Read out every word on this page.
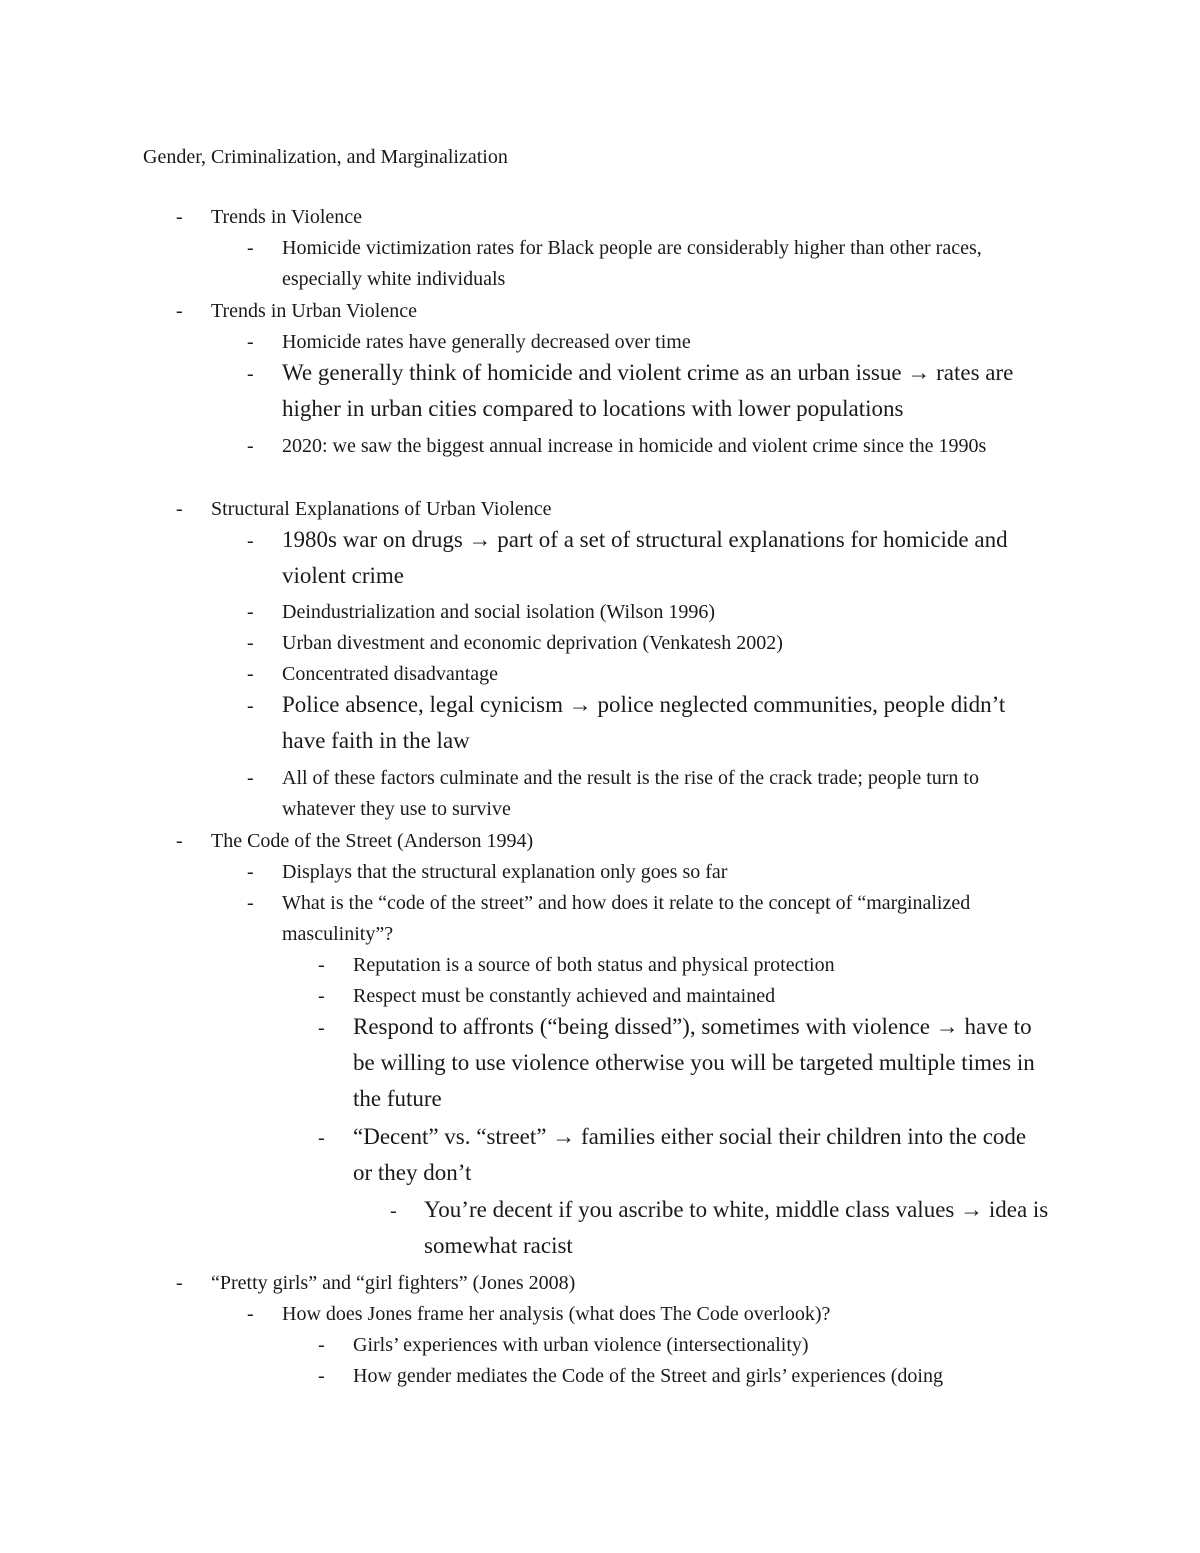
Gender, Criminalization, and Marginalization
- Trends in Violence
- Homicide victimization rates for Black people are considerably higher than other races, especially white individuals
- Trends in Urban Violence
- Homicide rates have generally decreased over time
- We generally think of homicide and violent crime as an urban issue → rates are higher in urban cities compared to locations with lower populations
- 2020: we saw the biggest annual increase in homicide and violent crime since the 1990s
- Structural Explanations of Urban Violence
- 1980s war on drugs → part of a set of structural explanations for homicide and violent crime
- Deindustrialization and social isolation (Wilson 1996)
- Urban divestment and economic deprivation (Venkatesh 2002)
- Concentrated disadvantage
- Police absence, legal cynicism → police neglected communities, people didn’t have faith in the law
- All of these factors culminate and the result is the rise of the crack trade; people turn to whatever they use to survive
- The Code of the Street (Anderson 1994)
- Displays that the structural explanation only goes so far
- What is the “code of the street” and how does it relate to the concept of “marginalized masculinity”?
- Reputation is a source of both status and physical protection
- Respect must be constantly achieved and maintained
- Respond to affronts (“being dissed”), sometimes with violence → have to be willing to use violence otherwise you will be targeted multiple times in the future
- “Decent” vs. “street” → families either social their children into the code or they don’t
- You’re decent if you ascribe to white, middle class values → idea is somewhat racist
- “Pretty girls” and “girl fighters” (Jones 2008)
- How does Jones frame her analysis (what does The Code overlook)?
- Girls’ experiences with urban violence (intersectionality)
- How gender mediates the Code of the Street and girls’ experiences (doing
